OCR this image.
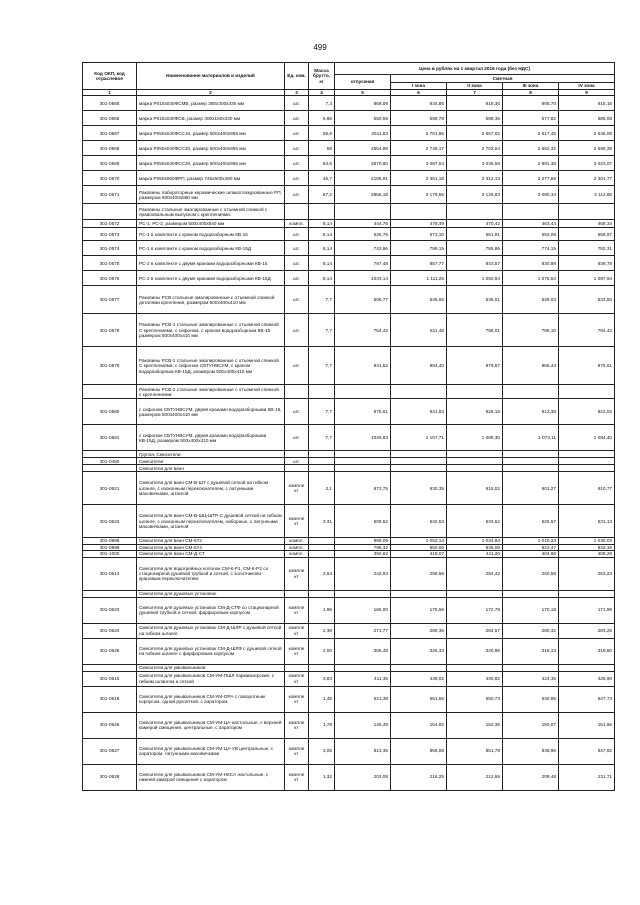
499
Код ОКП, код отраслевое	Наименование материалов и изделий	Ед. изм.	Масса брутто, кг	Цена в рублях на 1 квартал 2016 года (без НДС)				
				отпускная	Сметная			
					I зона	II зона	III зона	IV зона
1	2	3	4	5	6	7	8	9
301-0565	марка Р015х030ФСМВ, размер 300х300х330 мм	шт.	7,3	868,09	934,85	918,36	905,70	915,16
301-0566	марка Р015х030ФСВ, размер 300х150х330 мм	шт.	6,86	650,59	699,78	688,36	677,82	685,08
301-0667	марка Р050х040ФСС10, размер 500х400х955 мм	шт.	55,6	2511,63	2 701,86	2 657,02	2 617,45	2 645,06
301-0568	марка Р050х040ФСС20, размер 500х400х955 мм	шт.	59	2554,99	2 748,17	2 702,54	2 662,32	2 690,39
301-0569	марка Р050х040ФСС20, размер 500х400х955 мм	шт.	64,6	2870,80	3 087,64	3 036,59	2 991,38	3 023,07
301-0570	марка Р050х060ФРП, размер 745х600х480 мм	шт.	46,7	2185,91	2 351,18	2 312,13	2 277,69	2 301,77
301-0571	Раковины лабораторные керамические шлакоглазурованные РП, размером 600х400х580 мм	шт.	67,2	2956,18	3 179,65	3 126,83	3 080,34	3 112,85
	Раковины стальные эмалированные с отъемной спинкой с правоовальным выпуском с креплениями:							
301-0572	РС-1, РС-2, размером 500х400х540 мм	компл.	8,14	444,76	478,39	470,42	463,44	468,34
301-0573	РС-1 в комплекте с краном водоразборным КВ-15	шт.	8,14	625,76	673,10	661,91	652,09	658,97
301-0574	РС-1 в комплекте с краном водоразборным КВ-15Д	шт.	8,14	742,96	799,15	785,86	774,15	782,31
301-0575	РС-2 в комплекте с двумя кранами водоразборными КВ-15	шт.	8,14	797,48	857,77	843,57	830,98	839,78
301-0576	РС-2 в комплекте с двумя кранами водоразборными КВ-15Д	шт.	8,14	1033,14	1 111,25	1 092,84	1 076,53	1 087,94
301-0577	Раковины РСВ стальные эмалированные с отъемной спинкой деталями крепления, размером 500х400х410 мм	шт.	7,7	506,77	545,06	536,01	528,03	533,60
301-0578	Раковины РСВ-1 стальные эмалированные с отъемной спинкой С креплениями, с сифоном, с краном водоразборным КВ-15 размером 500х400х410 мм	шт.	7,7	754,42	811,46	798,01	786,10	794,42
301-0579	Раковины РСВ-1 стальные эмалированные с отъемной спинкой С креплениями, с сифоном СБТУНВСУМ, с краном водоразборным КВ-15Д, размером 500х400х410 мм	шт.	7,7	831,52	894,40	879,57	866,44	875,61
	Раковины РСВ-2 стальные эмалированные с отъемной спинкой с креплениями:							
301-0580	с сифоном СБТУНВСУМ, двумя кранами водоразборными КВ-15, размером 500х400х410 мм	шт.	7,7	875,61	941,83	926,19	912,38	922,02
301-0581	с сифоном СБТУНВСУМ, двумя кранами водоразборными КВ-15Д, размером 500х400х410 мм	шт.	7,7	1029,83	1 107,71	1 089,30	1 073,11	1 084,40
	Группа: Смесители							
301-0450	Смесители	шт.						
	Смесители для ванн							
301-0621	Смесители для ванн СМ-В-ШТ с душевой сеткой на гибком шланге, с изоконным переключателем, с латунными маховичками, штангой	компле кт	3,1	873,75	930,35	915,02	901,27	910,77
301-0622	Смесители для ванн СМ-В-ШЦ-ШТР С душевой сеткой на гибком шланге, с изоконным переключателем, наборные, с латунными маховичками, штангой	компле кт	3,31	509,52	542,53	533,62	525,57	531,13
301-0998	Смесители для ванн СМ-672	компл.		988,09	1 052,14	1 034,84	1 019,23	1 030,03
301-0999	Смесители для ванн СМ-674	компл.		798,32	850,06	836,08	823,47	832,18
301-1000	Смесители для ванн СМ-Д-СТ	компл.		392,62	418,07	411,20	404,98	409,28
301-0614	Смесители для водогрейных колонок СМ-К-Р1, СМ-К-Р2 со стационарной душевой трубкой и сеткой, с золотниково-крановым переключателем	компле кт	2,64	242,93	258,66	254,42	250,58	253,23
	Смесители для душевых установок							
301-0623	Смесители для душевых установок СМ-Д-СТФ со стационарной душевой трубкой и сеткой, фарфоровым корпусом	компле кт	1,95	165,00	175,66	172,78	170,18	171,99
301-0624	Смесители для душевых установок СМ-Д-ШЛР с душевой сеткой на гибком шланге	компле кт	2,38	271,77	289,36	284,57	280,32	283,25
301-0625	Смесители для душевых установок СМ-Д-ШЛФ с душевой сеткой на гибком шланге с фарфоровым корпусом	компле кт	2,00	306,48	326,33	320,96	316,13	319,50
	Смесители для умывальников							
301-0615	Смесители для умывальников СМ-УМ-ПШЛ пармиахерские, с гибким шлангом и сеткой	компле кт	3,83	411,35	438,02	430,82	424,35	428,90
301-0616	Смесители для умывальников СМ-УМ-ОРА с поворотным корпусом, одной рукояткой, с аэратором	компле кт	1,45	621,38	661,65	650,73	640,95	647,73
301-0626	Смесители для умывальников СМ-УМ-ЦА настольные, с верхней камерой смещения, центральные, с аэратором	компле кт	1,78	145,49	154,92	152,36	150,07	151,66
301-0627	Смесители для умывальников СМ-УМ-ЦА-УВ центральные, с аэратором, латунными маховичками	компле кт	3,05	813,35	866,08	851,78	838,96	847,82
301-0628	Смесители для умывальников СМ-УМ-НКСА настольные, с нижней камерой смещения с аэратором	компле кт	1,32	203,08	216,25	212,69	209,48	211,71
